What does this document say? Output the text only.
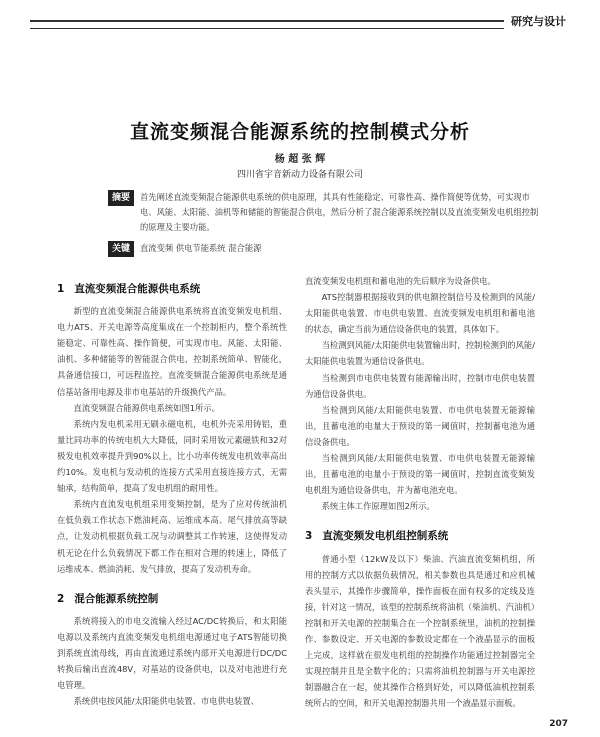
研究与设计
直流变频混合能源系统的控制模式分析
杨 超 张 辉
四川省宇音新动力设备有限公司
摘要	首先阐述直流变频混合能源供电系统的供电原理，其具有性能稳定、可靠性高、操作简便等优势，可实现市电、风能、太阳能、油机等和储能的智能混合供电，然后分析了混合能源系统控制以及直流变频发电机组控制的原理及主要功能。
关键词
直流变频 供电节能系统 混合能源
1 直流变频混合能源供电系统

新型的直流变频混合能源供电系统将直流变频发电机组、电力ATS、开关电源等高度集成在一个控制柜内，整个系统性能稳定、可靠性高、操作简便，可实现市电、风能、太阳能、油机、多种储能等的智能混合供电，控制系统简单、智能化，具备通信接口，可远程监控。直流变频混合能源供电系统是通信基站备用电源及非市电基站的升级换代产品。

直流变频混合能源供电系统如图1所示。

系统内发电机采用无刷永磁电机，电机外壳采用铸铝，重量比同功率的传统电机大大降低，同时采用钕元素磁铁和32对极发电机效率提升到90%以上，比小功率传统发电机效率高出约10%。发电机与发动机的连接方式采用直接连接方式，无需轴承，结构简单，提高了发电机组的耐用性。

系统内直流发电机组采用变频控制，是为了应对传统油机在低负载工作状态下燃油耗高、运维成本高、尾气排放高等缺点，让发动机根据负载工况与动调整其工作转速，这使得发动机无论在什么负载情况下都工作在相对合理的转速上，降低了运维成本、燃油消耗、发气排放，提高了发动机寿命。

2 混合能源系统控制

系统将接入的市电交流输入经过AC/DC转换后，和太阳能电源以及系统内直流变频发电机组电源通过电子ATS智能切换到系统直流母线，再由直流通过系统内部开关电源进行DC/DC转换后输出直流48V，对基站的设备供电，以及对电池进行充电管理。

系统供电按风能/太阳能供电装置、市电供电装置、

直流变频发电机组和蓄电池的先后顺序为设备供电。

ATS控制器根据接收到的供电额控制信号及检测到的风能/太阳能供电装置、市电供电装置、直流变频发电机组和蓄电池的状态，确定当前为通信设备供电的装置，具体如下。

当检测到风能/太阳能供电装置输出时，控制检测到的风能/太阳能供电装置为通信设备供电。

当检测到市电供电装置有能源输出时，控制市电供电装置为通信设备供电。

当检测到风能/太阳能供电装置、市电供电装置无能源输出，且蓄电池的电量大于预设的第一阈值时，控制蓄电池为通信设备供电。

当检测到风能/太阳能供电装置、市电供电装置无能源输出，且蓄电池的电量小于预设的第一阈值时，控制直流变频发电机组为通信设备供电，并为蓄电池充电。

系统主体工作原理如图2所示。

3 直流变频发电机组控制系统

普通小型（12kW及以下）柴油、汽油直流变频机组，所用的控制方式以依据负载情况，相关参数也具是通过和应机械表头显示，其操作步骤简单，操作面板在面有权多的定线及连接，针对这一情况，该型的控制系统将油机（柴油机、汽油机）控制和开关电源的控制集合在一个控制系统里，油机的控制操作、参数设定、开关电源的参数设定都在一个液晶显示的面板上完成，这样就在很发电机组的控制操作功能通过控制器完全实现控制并且是全数字化的；只需将油机控制器与开关电源控制器融合在一起，使其操作合格到好处，可以降低油机控制系统所占的空间，和开关电源控制器共用一个液晶显示面板。

207
